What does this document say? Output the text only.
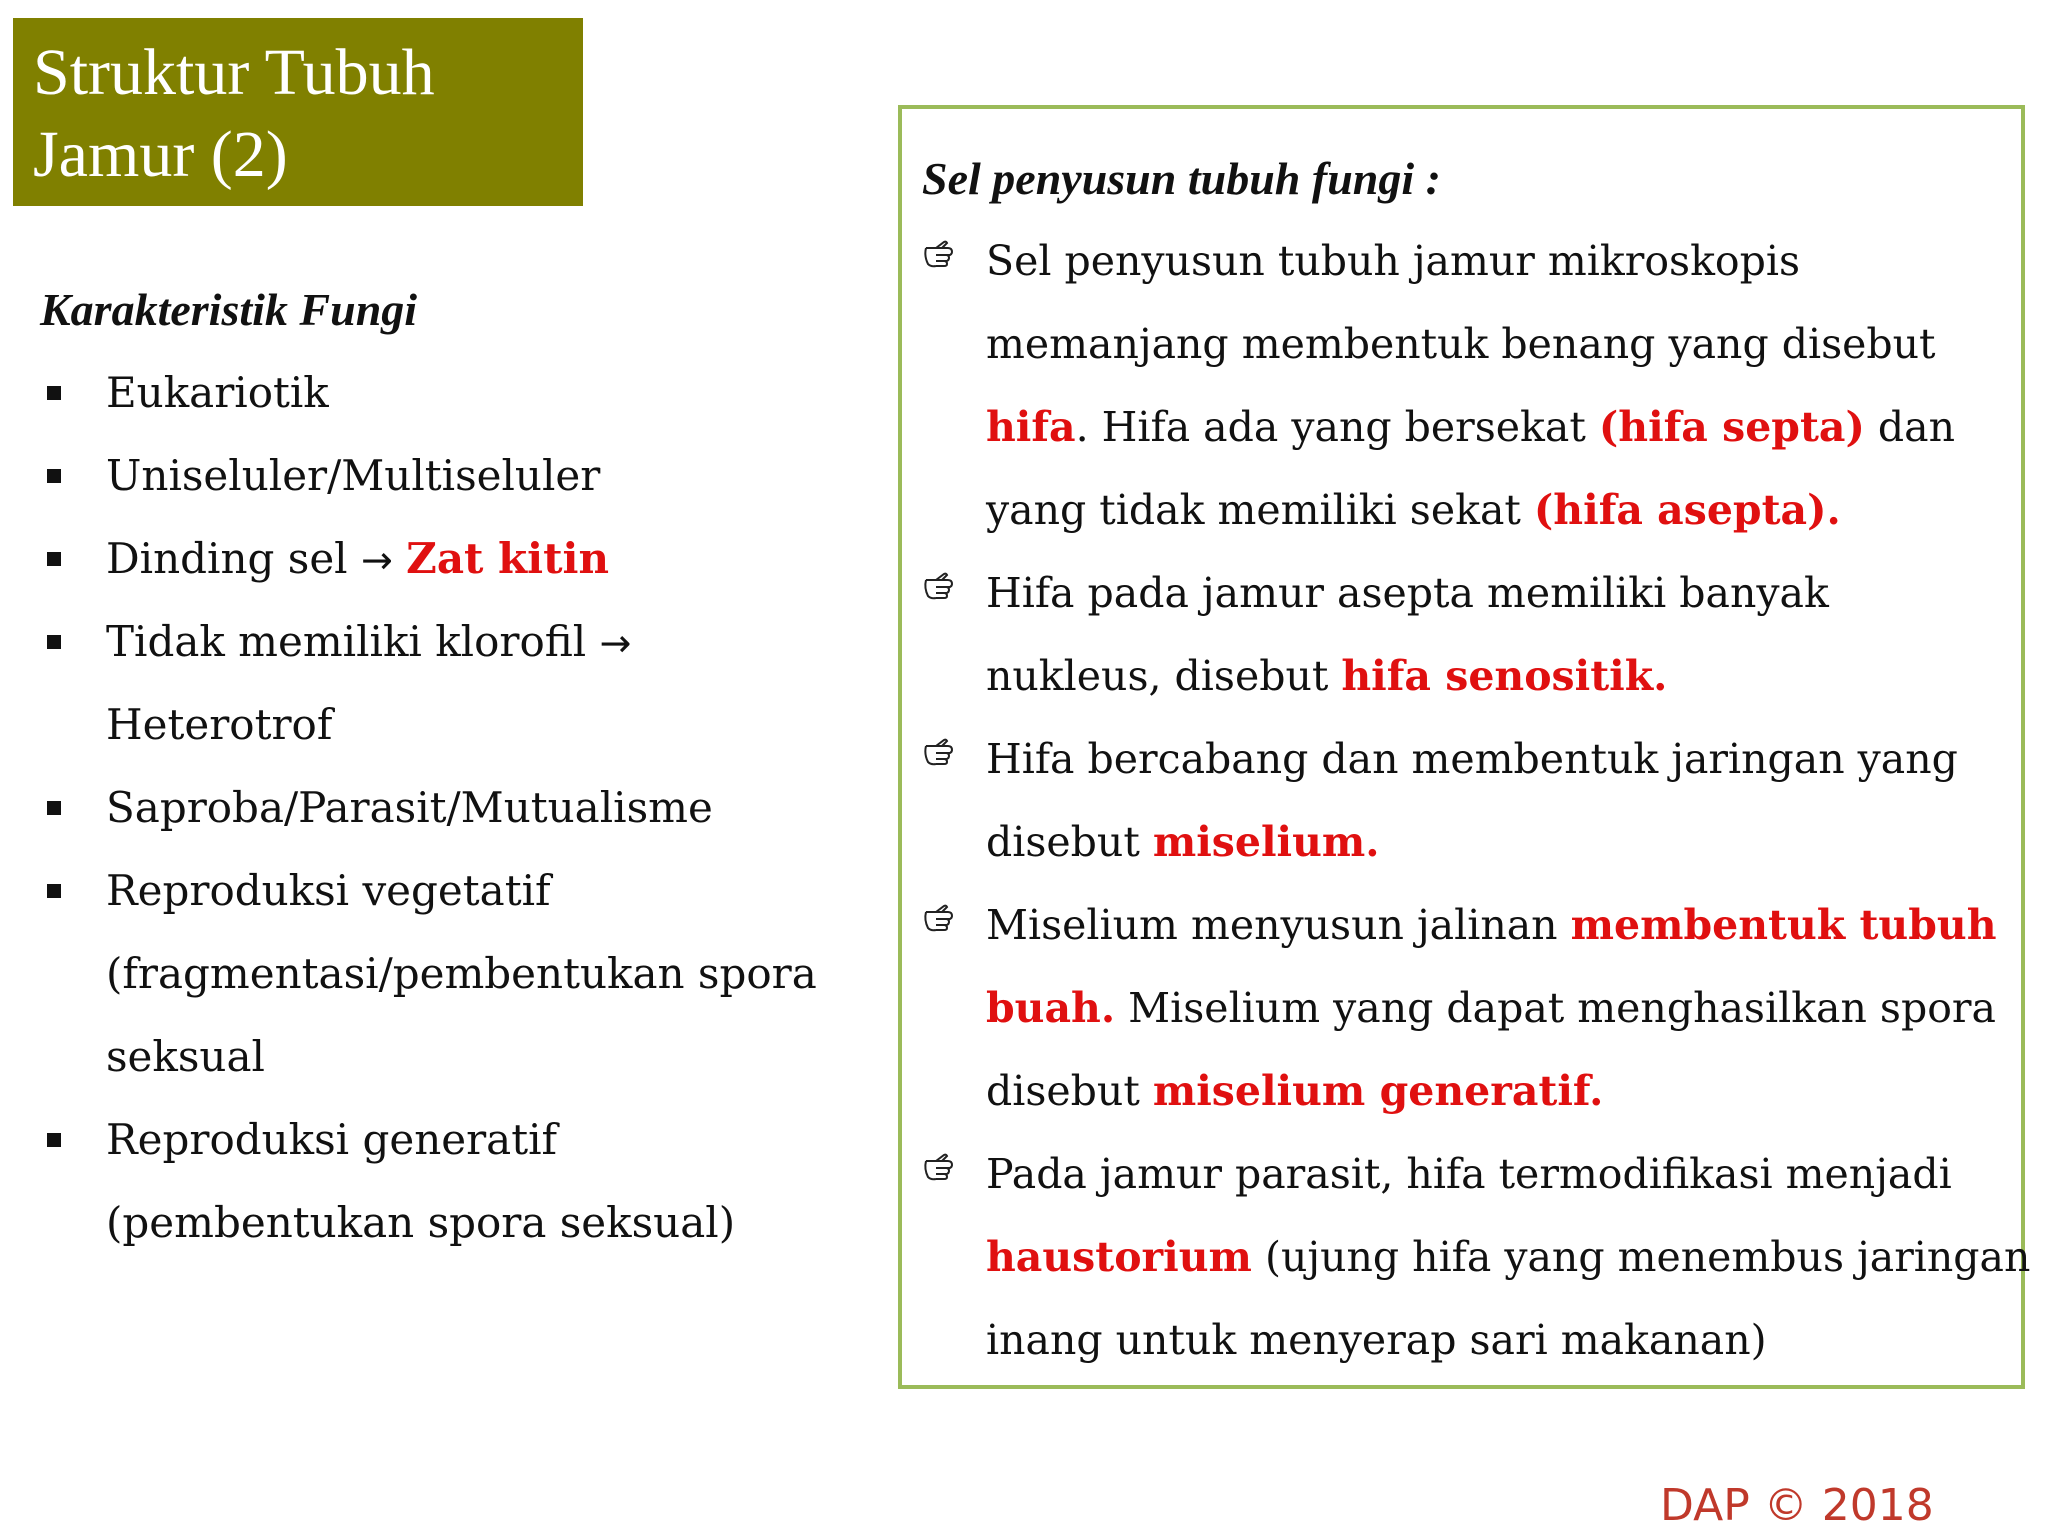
Struktur Tubuh
Jamur (2)
Karakteristik Fungi
Eukariotik
Uniseluler/Multiseluler
Dinding sel → Zat kitin
Tidak memiliki klorofil →
Heterotrof
Saproba/Parasit/Mutualisme
Reproduksi vegetatif
(fragmentasi/pembentukan spora
seksual
Reproduksi generatif
(pembentukan spora seksual)
Sel penyusun tubuh fungi :
Sel penyusun tubuh jamur mikroskopis
memanjang membentuk benang yang disebut
hifa. Hifa ada yang bersekat (hifa septa) dan
yang tidak memiliki sekat (hifa asepta).
Hifa pada jamur asepta memiliki banyak
nukleus, disebut hifa senositik.
Hifa bercabang dan membentuk jaringan yang
disebut miselium.
Miselium menyusun jalinan membentuk tubuh
buah. Miselium yang dapat menghasilkan spora
disebut miselium generatif.
Pada jamur parasit, hifa termodifikasi menjadi
haustorium (ujung hifa yang menembus jaringan
inang untuk menyerap sari makanan)
DAP © 2018
